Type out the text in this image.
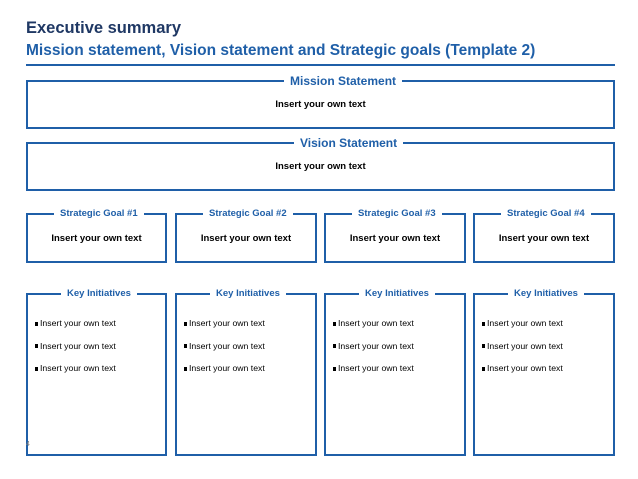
Executive summary
Mission statement, Vision statement and Strategic goals (Template 2)
Mission Statement
Insert your own text
Vision Statement
Insert your own text
Strategic Goal #1
Insert your own text
Strategic Goal #2
Insert your own text
Strategic Goal #3
Insert your own text
Strategic Goal #4
Insert your own text
Key Initiatives
Insert your own text
Insert your own text
Insert your own text
Key Initiatives
Insert your own text
Insert your own text
Insert your own text
Key Initiatives
Insert your own text
Insert your own text
Insert your own text
Key Initiatives
Insert your own text
Insert your own text
Insert your own text
4
